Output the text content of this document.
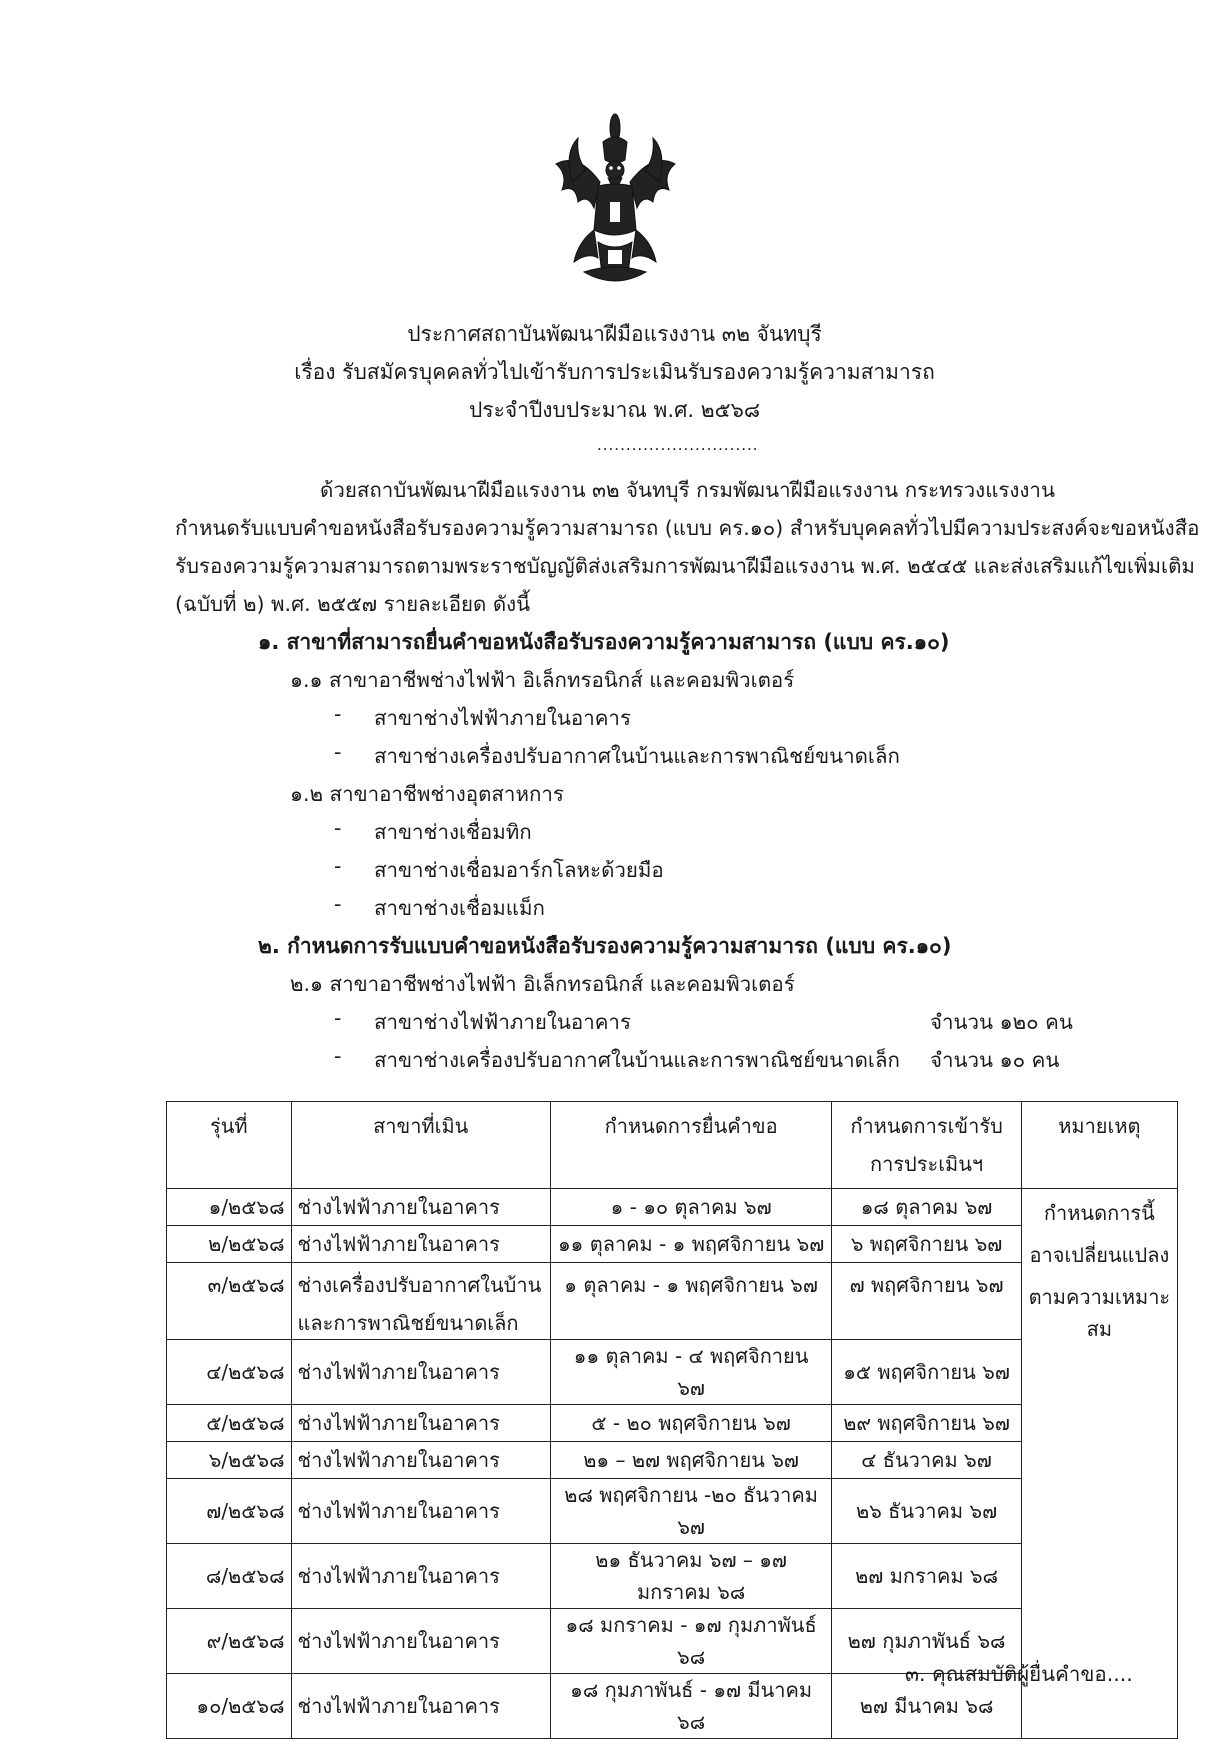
ประกาศสถาบันพัฒนาฝีมือแรงงาน ๓๒ จันทบุรี
เรื่อง รับสมัครบุคคลทั่วไปเข้ารับการประเมินรับรองความรู้ความสามารถ
ประจำปีงบประมาณ พ.ศ. ๒๕๖๘
............................
ด้วยสถาบันพัฒนาฝีมือแรงงาน ๓๒ จันทบุรี กรมพัฒนาฝีมือแรงงาน กระทรวงแรงงาน
กำหนดรับแบบคำขอหนังสือรับรองความรู้ความสามารถ (แบบ คร.๑๐) สำหรับบุคคลทั่วไปมีความประสงค์จะขอหนังสือ
รับรองความรู้ความสามารถตามพระราชบัญญัติส่งเสริมการพัฒนาฝีมือแรงงาน พ.ศ. ๒๕๔๕ และส่งเสริมแก้ไขเพิ่มเติม
(ฉบับที่ ๒) พ.ศ. ๒๕๕๗ รายละเอียด ดังนี้
๑. สาขาที่สามารถยื่นคำขอหนังสือรับรองความรู้ความสามารถ (แบบ คร.๑๐)
๑.๑ สาขาอาชีพช่างไฟฟ้า อิเล็กทรอนิกส์ และคอมพิวเตอร์
- สาขาช่างไฟฟ้าภายในอาคาร
- สาขาช่างเครื่องปรับอากาศในบ้านและการพาณิชย์ขนาดเล็ก
๑.๒ สาขาอาชีพช่างอุตสาหการ
- สาขาช่างเชื่อมทิก
- สาขาช่างเชื่อมอาร์กโลหะด้วยมือ
- สาขาช่างเชื่อมแม็ก
๒. กำหนดการรับแบบคำขอหนังสือรับรองความรู้ความสามารถ (แบบ คร.๑๐)
๒.๑ สาขาอาชีพช่างไฟฟ้า อิเล็กทรอนิกส์ และคอมพิวเตอร์
- สาขาช่างไฟฟ้าภายในอาคาร	จำนวน ๑๒๐ คน
- สาขาช่างเครื่องปรับอากาศในบ้านและการพาณิชย์ขนาดเล็ก จำนวน ๑๐ คน
รุ่นที่	สาขาที่เมิน	กำหนดการยื่นคำขอ	กำหนดการเข้ารับ
การประเมินฯ	หมายเหตุ
๑/๒๕๖๘	ช่างไฟฟ้าภายในอาคาร	๑ - ๑๐ ตุลาคม ๖๗	๑๘ ตุลาคม ๖๗	กำหนดการนี้
อาจเปลี่ยนแปลง
ตามความเหมาะสม

๒/๒๕๖๘	ช่างไฟฟ้าภายในอาคาร	๑๑ ตุลาคม - ๑ พฤศจิกายน ๖๗	๖ พฤศจิกายน ๖๗	
๓/๒๕๖๘	ช่างเครื่องปรับอากาศในบ้าน
และการพาณิชย์ขนาดเล็ก	๑ ตุลาคม - ๑ พฤศจิกายน ๖๗	๗ พฤศจิกายน ๖๗	
๔/๒๕๖๘	ช่างไฟฟ้าภายในอาคาร	๑๑ ตุลาคม - ๔ พฤศจิกายน ๖๗	๑๕ พฤศจิกายน ๖๗	
๕/๒๕๖๘	ช่างไฟฟ้าภายในอาคาร	๕ - ๒๐ พฤศจิกายน ๖๗	๒๙ พฤศจิกายน ๖๗	
๖/๒๕๖๘	ช่างไฟฟ้าภายในอาคาร	๒๑ – ๒๗ พฤศจิกายน ๖๗	๔ ธันวาคม ๖๗	
๗/๒๕๖๘	ช่างไฟฟ้าภายในอาคาร	๒๘ พฤศจิกายน -๒๐ ธันวาคม ๖๗	๒๖ ธันวาคม ๖๗	
๘/๒๕๖๘	ช่างไฟฟ้าภายในอาคาร	๒๑ ธันวาคม ๖๗ – ๑๗ มกราคม ๖๘	๒๗ มกราคม ๖๘	
๙/๒๕๖๘	ช่างไฟฟ้าภายในอาคาร	๑๘ มกราคม - ๑๗ กุมภาพันธ์ ๖๘	๒๗ กุมภาพันธ์ ๖๘	
๑๐/๒๕๖๘	ช่างไฟฟ้าภายในอาคาร	๑๘ กุมภาพันธ์ - ๑๗ มีนาคม ๖๘	๒๗ มีนาคม ๖๘	
๓. คุณสมบัติผู้ยื่นคำขอ....
